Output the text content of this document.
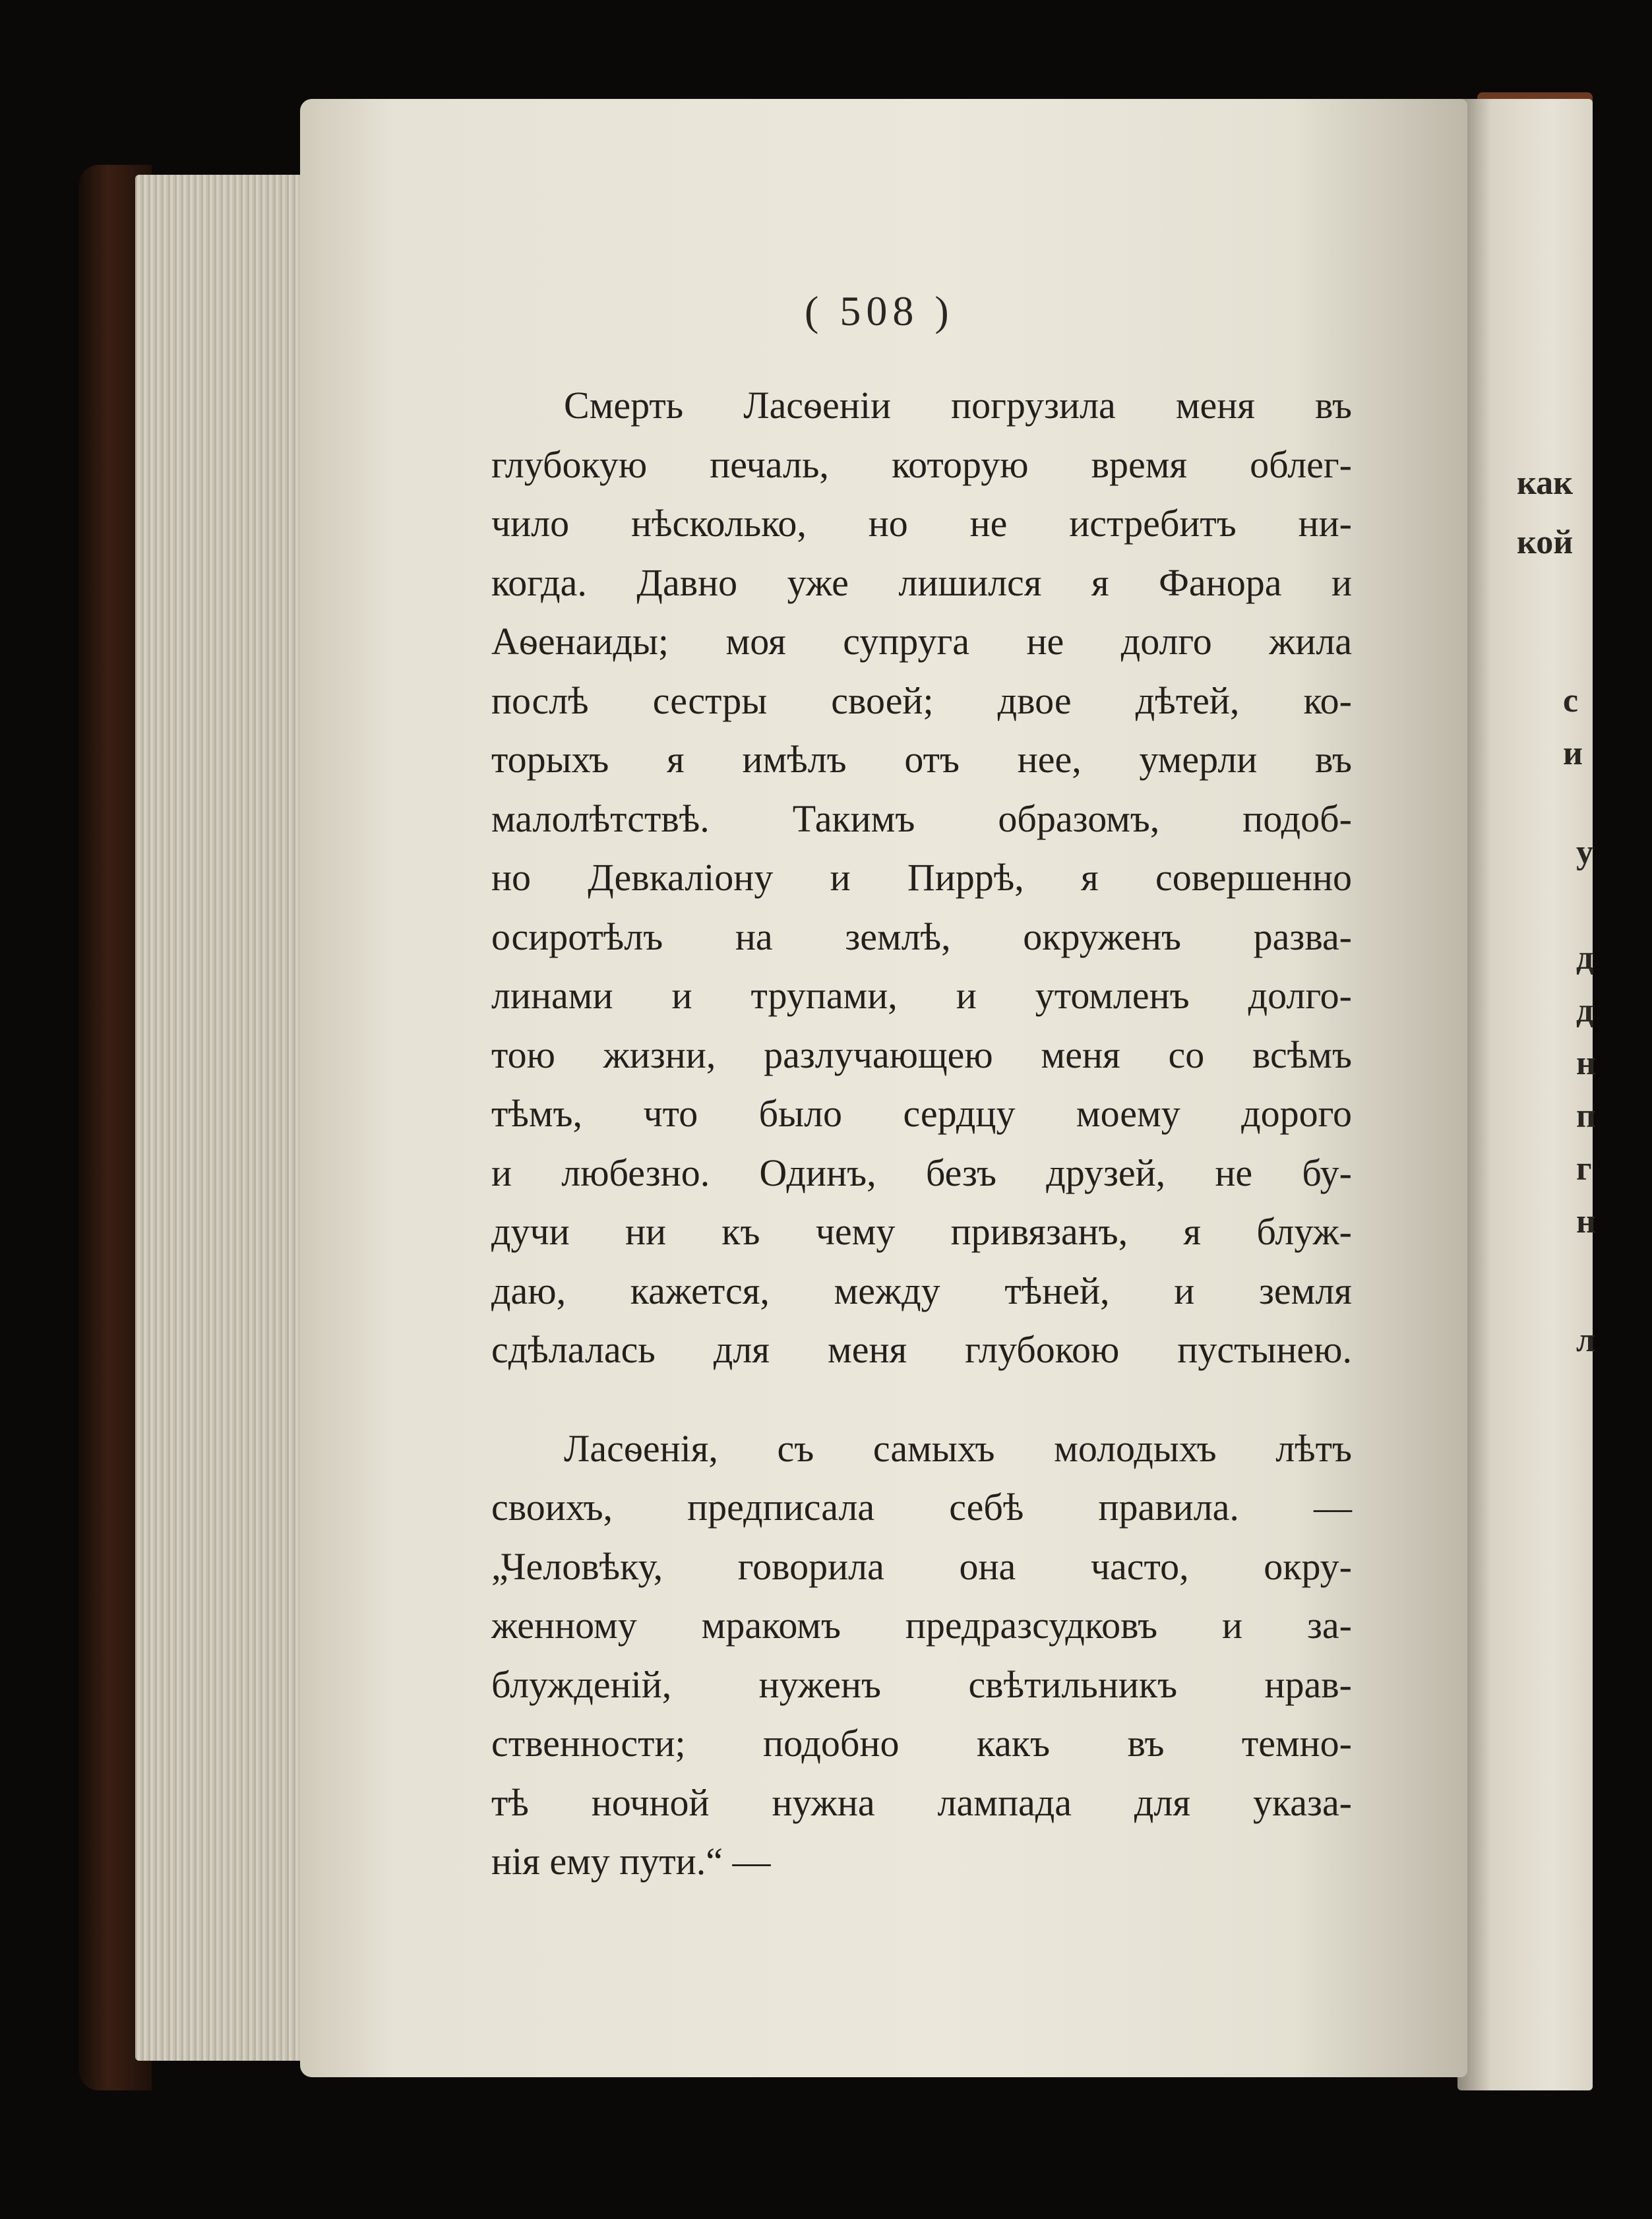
( 508 )

Смерть Ласѳеніи погрузила меня въ
глубокую печаль, которую время облег-
чило нѣсколько, но не истребитъ ни-
когда. Давно уже лишился я Фанора и
Аѳенаиды; моя супруга не долго жила
послѣ сестры своей; двое дѣтей, ко-
торыхъ я имѣлъ отъ нее, умерли въ
малолѣтствѣ. Такимъ образомъ, подоб-
но Девкаліону и Пиррѣ, я совершенно
осиротѣлъ на землѣ, окруженъ разва-
линами и трупами, и утомленъ долго-
тою жизни, разлучающею меня со всѣмъ
тѣмъ, что было сердцу моему дорого
и любезно. Одинъ, безъ друзей, не бу-
дучи ни къ чему привязанъ, я блуж-
даю, кажется, между тѣней, и земля
сдѣлалась для меня глубокою пустынею.
Ласѳенія, съ самыхъ молодыхъ лѣтъ
своихъ, предписала себѣ правила. —
„Человѣку, говорила она часто, окру-
женному мракомъ предразсудковъ и за-
блужденій, нуженъ свѣтильникъ нрав-
ственности; подобно какъ въ темно-
тѣ ночной нужна лампада для указа-
нія ему пути.“ —
как
кой
с
и
у
д
д
н
п
г
н
л
